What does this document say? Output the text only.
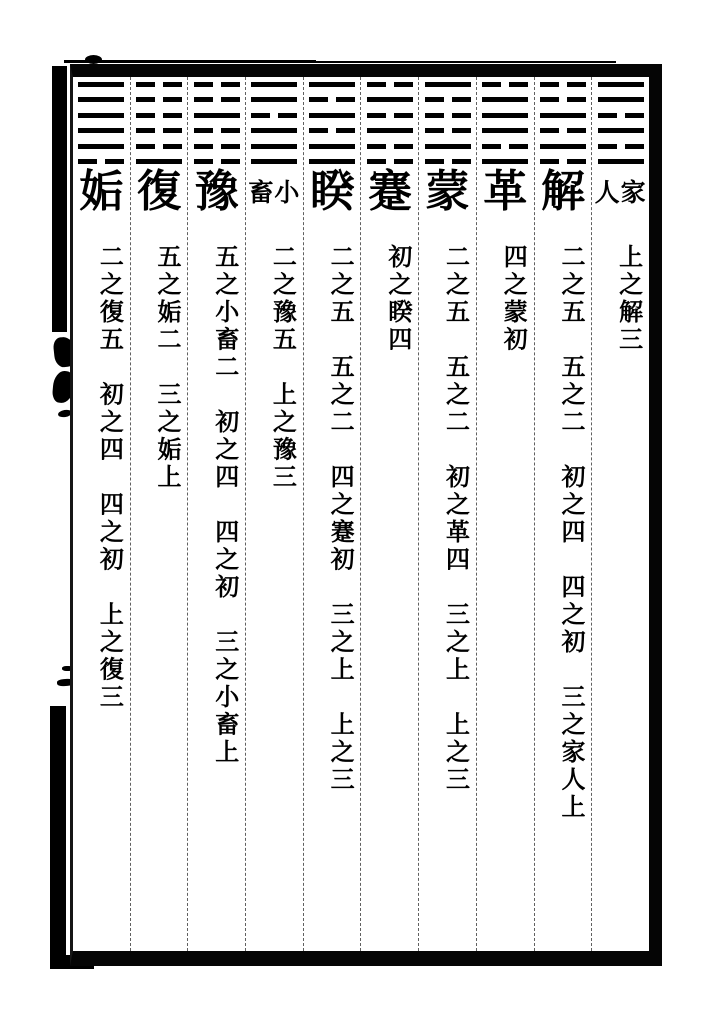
人家
上之解三
解
二之五　五之二　初之四　四之初　三之家人上
革
四之蒙初
蒙
二之五　五之二　初之革四　三之上　上之三
蹇
初之睽四
睽
二之五　五之二　四之蹇初　三之上　上之三
畜小
二之豫五　上之豫三
豫
五之小畜二　初之四　四之初　三之小畜上
復
五之姤二　三之姤上
姤
二之復五　初之四　四之初　上之復三
